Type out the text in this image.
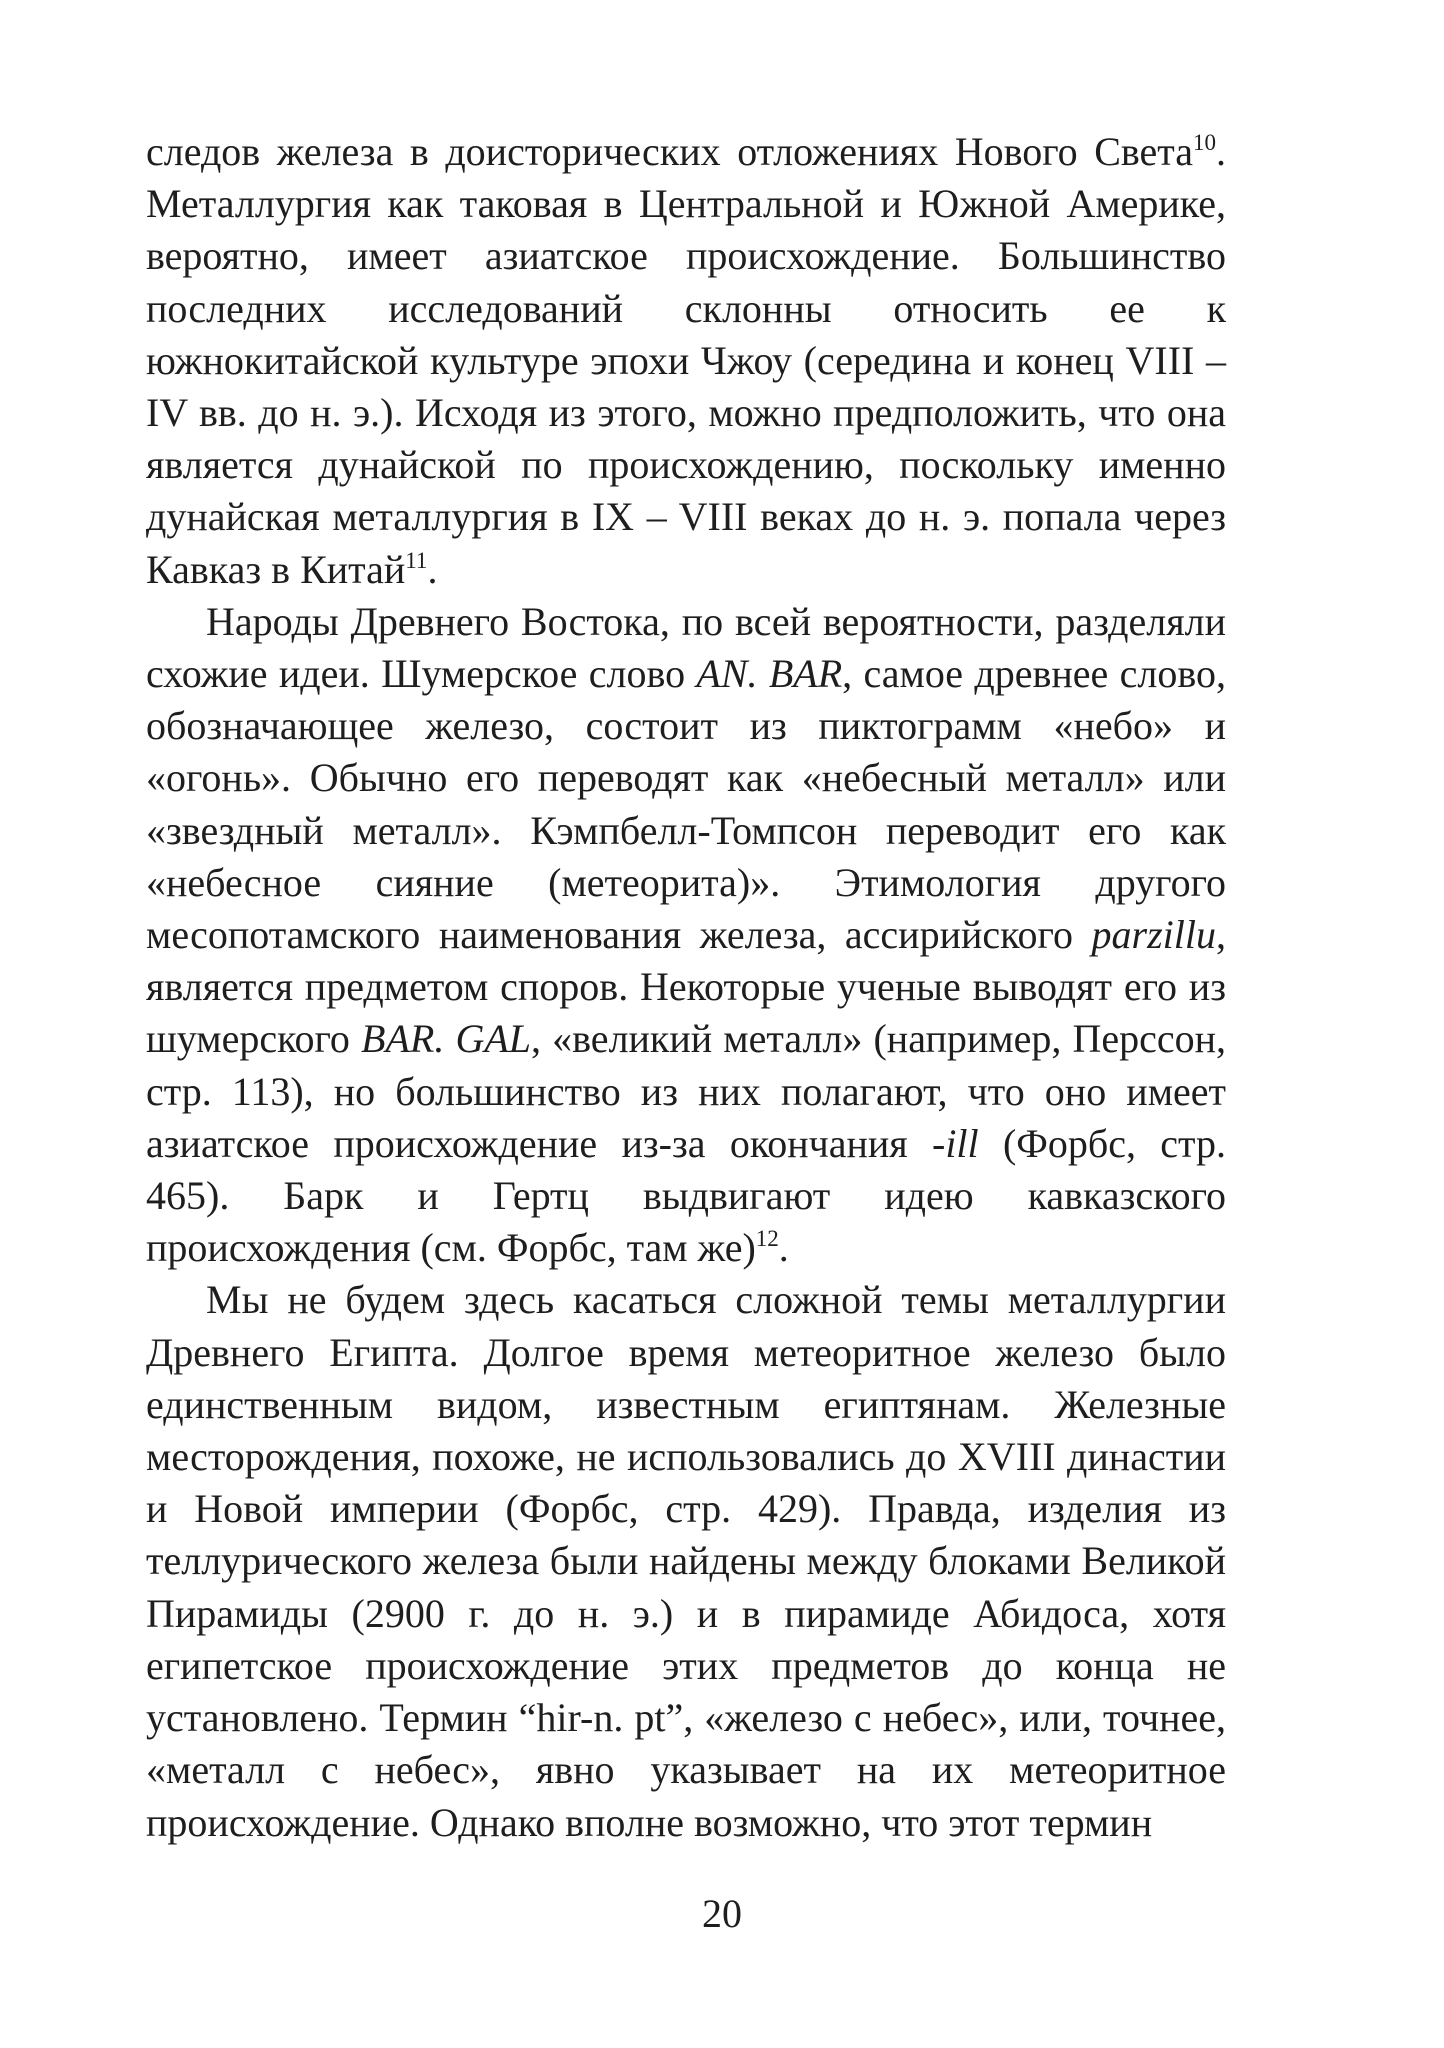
следов железа в доисторических отложениях Нового Света$^{10}$. Металлургия как таковая в Центральной и Южной Америке, вероятно, имеет азиатское происхождение. Большинство последних исследований склонны относить ее к южнокитайской культуре эпохи Чжоу (середина и конец VIII – IV вв. до н. э.). Исходя из этого, можно предположить, что она является дунайской по происхождению, поскольку именно дунайская металлургия в IX – VIII веках до н. э. попала через Кавказ в Китай$^{11}$.

Народы Древнего Востока, по всей вероятности, разделяли схожие идеи. Шумерское слово AN. BAR, самое древнее слово, обозначающее железо, состоит из пиктограмм «небо» и «огонь». Обычно его переводят как «небесный металл» или «звездный металл». Кэмпбелл-Томпсон переводит его как «небесное сияние (метеорита)». Этимология другого месопотамского наименования железа, ассирийского parzillu, является предметом споров. Некоторые ученые выводят его из шумерского BAR. GAL, «великий металл» (например, Перссон, стр. 113), но большинство из них полагают, что оно имеет азиатское происхождение из-за окончания -ill (Форбс, стр. 465). Барк и Гертц выдвигают идею кавказского происхождения (см. Форбс, там же)$^{12}$.

Мы не будем здесь касаться сложной темы металлургии Древнего Египта. Долгое время метеоритное железо было единственным видом, известным египтянам. Железные месторождения, похоже, не использовались до XVIII династии и Новой империи (Форбс, стр. 429). Правда, изделия из теллурического железа были найдены между блоками Великой Пирамиды (2900 г. до н. э.) и в пирамиде Абидоса, хотя египетское происхождение этих предметов до конца не установлено. Термин “hir-n. pt”, «железо с небес», или, точнее, «металл с небес», явно указывает на их метеоритное происхождение. Однако вполне возможно, что этот термин

20
